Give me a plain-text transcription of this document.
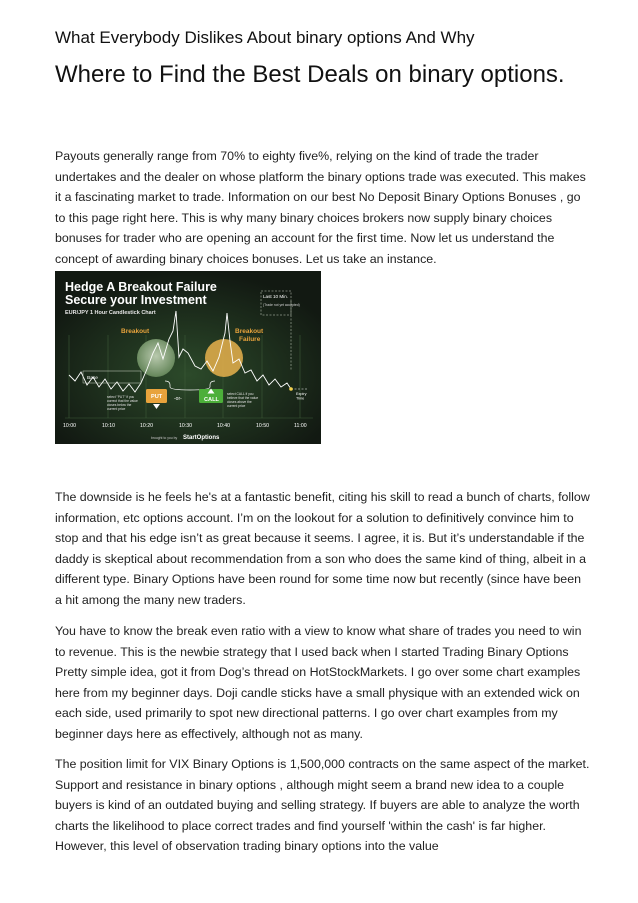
What Everybody Dislikes About binary options And Why
Where to Find the Best Deals on binary options.

Payouts generally range from 70% to eighty five%, relying on the kind of trade the trader undertakes and the dealer on whose platform the binary options trade was executed. This makes it a fascinating market to trade. Information on our best No Deposit Binary Options Bonuses , go to this page right here. This is why many binary choices brokers now supply binary choices bonuses for trader who are opening an account for the first time. Now let us understand the concept of awarding binary choices bonuses. Let us take an instance.

Hedge A Breakout Failure
Secure your Investment
EUR/JPY 1 Hour Candlestick Chart
Breakout	Breakout
Failure
Last 10 Min.
(Trade not yet accepted)
Base
PUT -or-	CALL
select "PUT" if you correct that the value closes below the current price
select CALL if you believe that the value closes above the current price
Expiry Time
10:00	10:10	10:20	10:30	10:40	10:50	11:00
brought to you by StartOptions

The downside is he feels he's at a fantastic benefit, citing his skill to read a bunch of charts, follow information, etc options account. I’m on the lookout for a solution to definitively convince him to stop and that his edge isn’t as great because it seems. I agree, it is. But it’s understandable if the daddy is skeptical about recommendation from a son who does the same kind of thing, albeit in a different type. Binary Options have been round for some time now but recently (since have been a hit among the many new traders.

You have to know the break even ratio with a view to know what share of trades you need to win to revenue. This is the newbie strategy that I used back when I started Trading Binary Options Pretty simple idea, got it from Dog’s thread on HotStockMarkets. I go over some chart examples here from my beginner days. Doji candle sticks have a small physique with an extended wick on each side, used primarily to spot new directional patterns. I go over chart examples from my beginner days here as effectively, although not as many.

The position limit for VIX Binary Options is 1,500,000 contracts on the same aspect of the market. Support and resistance in binary options , although might seem a brand new idea to a couple buyers is kind of an outdated buying and selling strategy. If buyers are able to analyze the worth charts the likelihood to place correct trades and find yourself 'within the cash' is far higher. However, this level of observation trading binary options into the value
